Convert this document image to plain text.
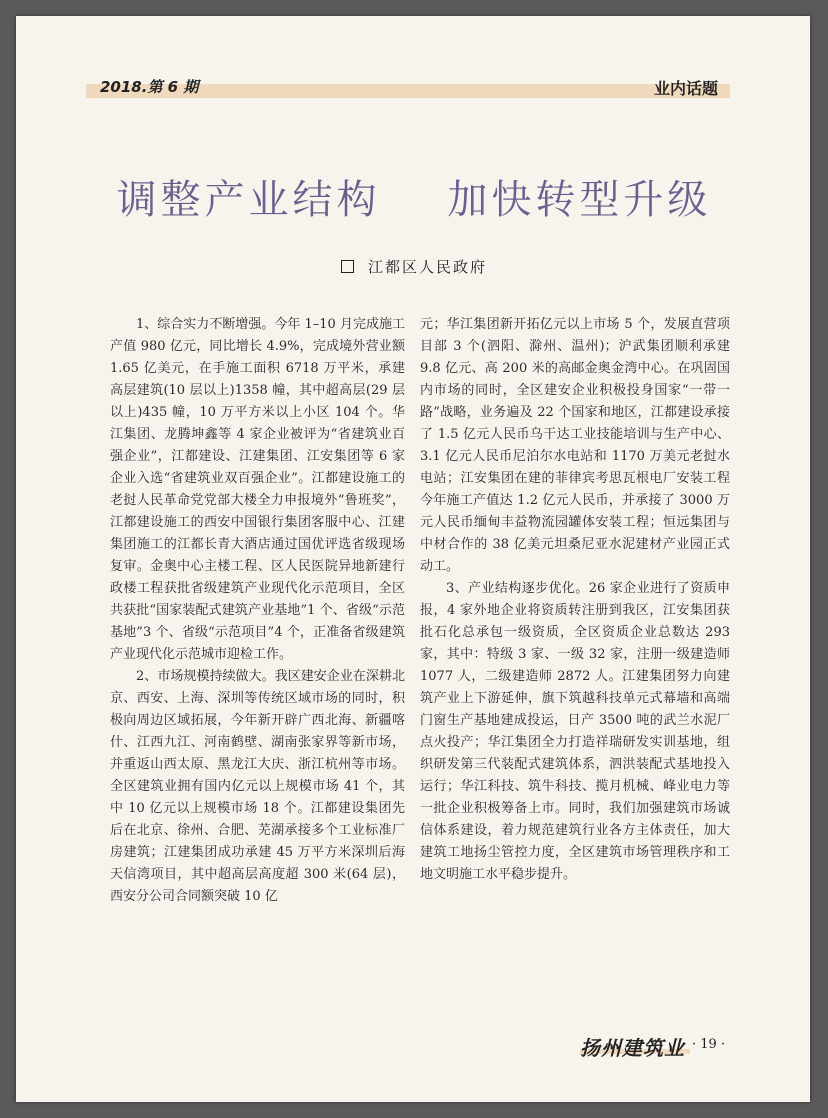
2018.第 6 期	业内话题
调整产业结构    加快转型升级
江都区人民政府

1、综合实力不断增强。今年 1–10 月完成施工产值 980 亿元，同比增长 4.9%，完成境外营业额 1.65 亿美元，在手施工面积 6718 万平米，承建高层建筑(10 层以上)1358 幢，其中超高层(29 层以上)435 幢，10 万平方米以上小区 104 个。华江集团、龙腾坤鑫等 4 家企业被评为“省建筑业百强企业”，江都建设、江建集团、江安集团等 6 家企业入选“省建筑业双百强企业”。江都建设施工的老挝人民革命党党部大楼全力申报境外“鲁班奖”，江都建设施工的西安中国银行集团客服中心、江建集团施工的江都长青大酒店通过国优评选省级现场复审。金奥中心主楼工程、区人民医院异地新建行政楼工程获批省级建筑产业现代化示范项目，全区共获批“国家装配式建筑产业基地”1 个、省级“示范基地”3 个、省级“示范项目”4 个，正准备省级建筑产业现代化示范城市迎检工作。

2、市场规模持续做大。我区建安企业在深耕北京、西安、上海、深圳等传统区域市场的同时，积极向周边区域拓展，今年新开辟广西北海、新疆喀什、江西九江、河南鹤壁、湖南张家界等新市场，并重返山西太原、黑龙江大庆、浙江杭州等市场。全区建筑业拥有国内亿元以上规模市场 41 个，其中 10 亿元以上规模市场 18 个。江都建设集团先后在北京、徐州、合肥、芜湖承接多个工业标准厂房建筑；江建集团成功承建 45 万平方米深圳后海天信湾项目，其中超高层高度超 300 米(64 层)，西安分公司合同额突破 10 亿

元；华江集团新开拓亿元以上市场 5 个，发展直营项目部 3 个(泗阳、滁州、温州)；沪武集团顺利承建 9.8 亿元、高 200 米的高邮金奥金湾中心。在巩固国内市场的同时，全区建安企业积极投身国家“一带一路”战略，业务遍及 22 个国家和地区，江都建设承接了 1.5 亿元人民币乌干达工业技能培训与生产中心、3.1 亿元人民币尼泊尔水电站和 1170 万美元老挝水电站；江安集团在建的菲律宾考思瓦根电厂安装工程今年施工产值达 1.2 亿元人民币，并承接了 3000 万元人民币缅甸丰益物流园罐体安装工程；恒远集团与中材合作的 38 亿美元坦桑尼亚水泥建材产业园正式动工。

3、产业结构逐步优化。26 家企业进行了资质申报，4 家外地企业将资质转注册到我区，江安集团获批石化总承包一级资质，全区资质企业总数达 293 家，其中：特级 3 家、一级 32 家，注册一级建造师 1077 人，二级建造师 2872 人。江建集团努力向建筑产业上下游延伸，旗下筑越科技单元式幕墙和高端门窗生产基地建成投运，日产 3500 吨的武兰水泥厂点火投产；华江集团全力打造祥瑞研发实训基地，组织研发第三代装配式建筑体系，泗洪装配式基地投入运行；华江科技、筑牛科技、揽月机械、峰业电力等一批企业积极筹备上市。同时，我们加强建筑市场诚信体系建设，着力规范建筑行业各方主体责任，加大建筑工地扬尘管控力度，全区建筑市场管理秩序和工地文明施工水平稳步提升。

扬州建筑业 · 19 ·
